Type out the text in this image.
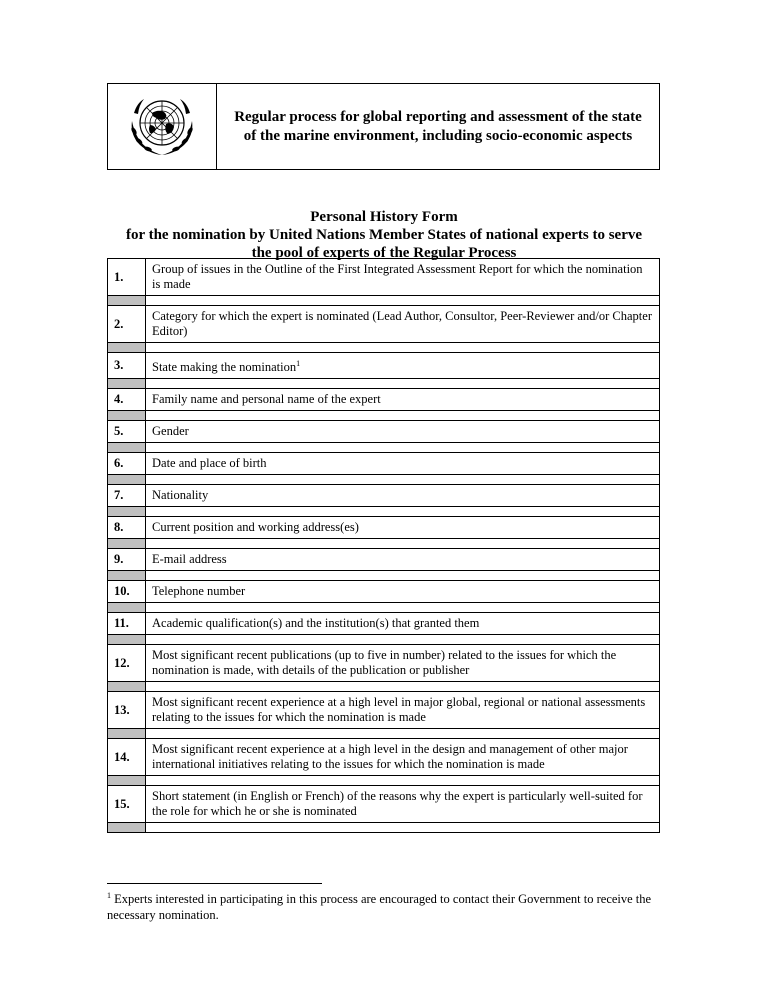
Regular process for global reporting and assessment of the state of the marine environment, including socio-economic aspects
Personal History Form
for the nomination by United Nations Member States of national experts to serve
the pool of experts of the Regular Process
1.	Group of issues in the Outline of the First Integrated Assessment Report for which the nomination is made

2.	Category for which the expert is nominated (Lead Author, Consultor, Peer-Reviewer and/or Chapter Editor)

3.	State making the nomination$^1$

4.	Family name and personal name of the expert

5.	Gender

6.	Date and place of birth

7.	Nationality

8.	Current position and working address(es)

9.	E-mail address

10.	Telephone number

11.	Academic qualification(s) and the institution(s) that granted them

12.	Most significant recent publications (up to five in number) related to the issues for which the nomination is made, with details of the publication or publisher

13.	Most significant recent experience at a high level in major global, regional or national assessments relating to the issues for which the nomination is made

14.	Most significant recent experience at a high level in the design and management of other major international initiatives relating to the issues for which the nomination is made

15.	Short statement (in English or French) of the reasons why the expert is particularly well-suited for the role for which he or she is nominated

$^1$ Experts interested in participating in this process are encouraged to contact their Government to receive the necessary nomination.
